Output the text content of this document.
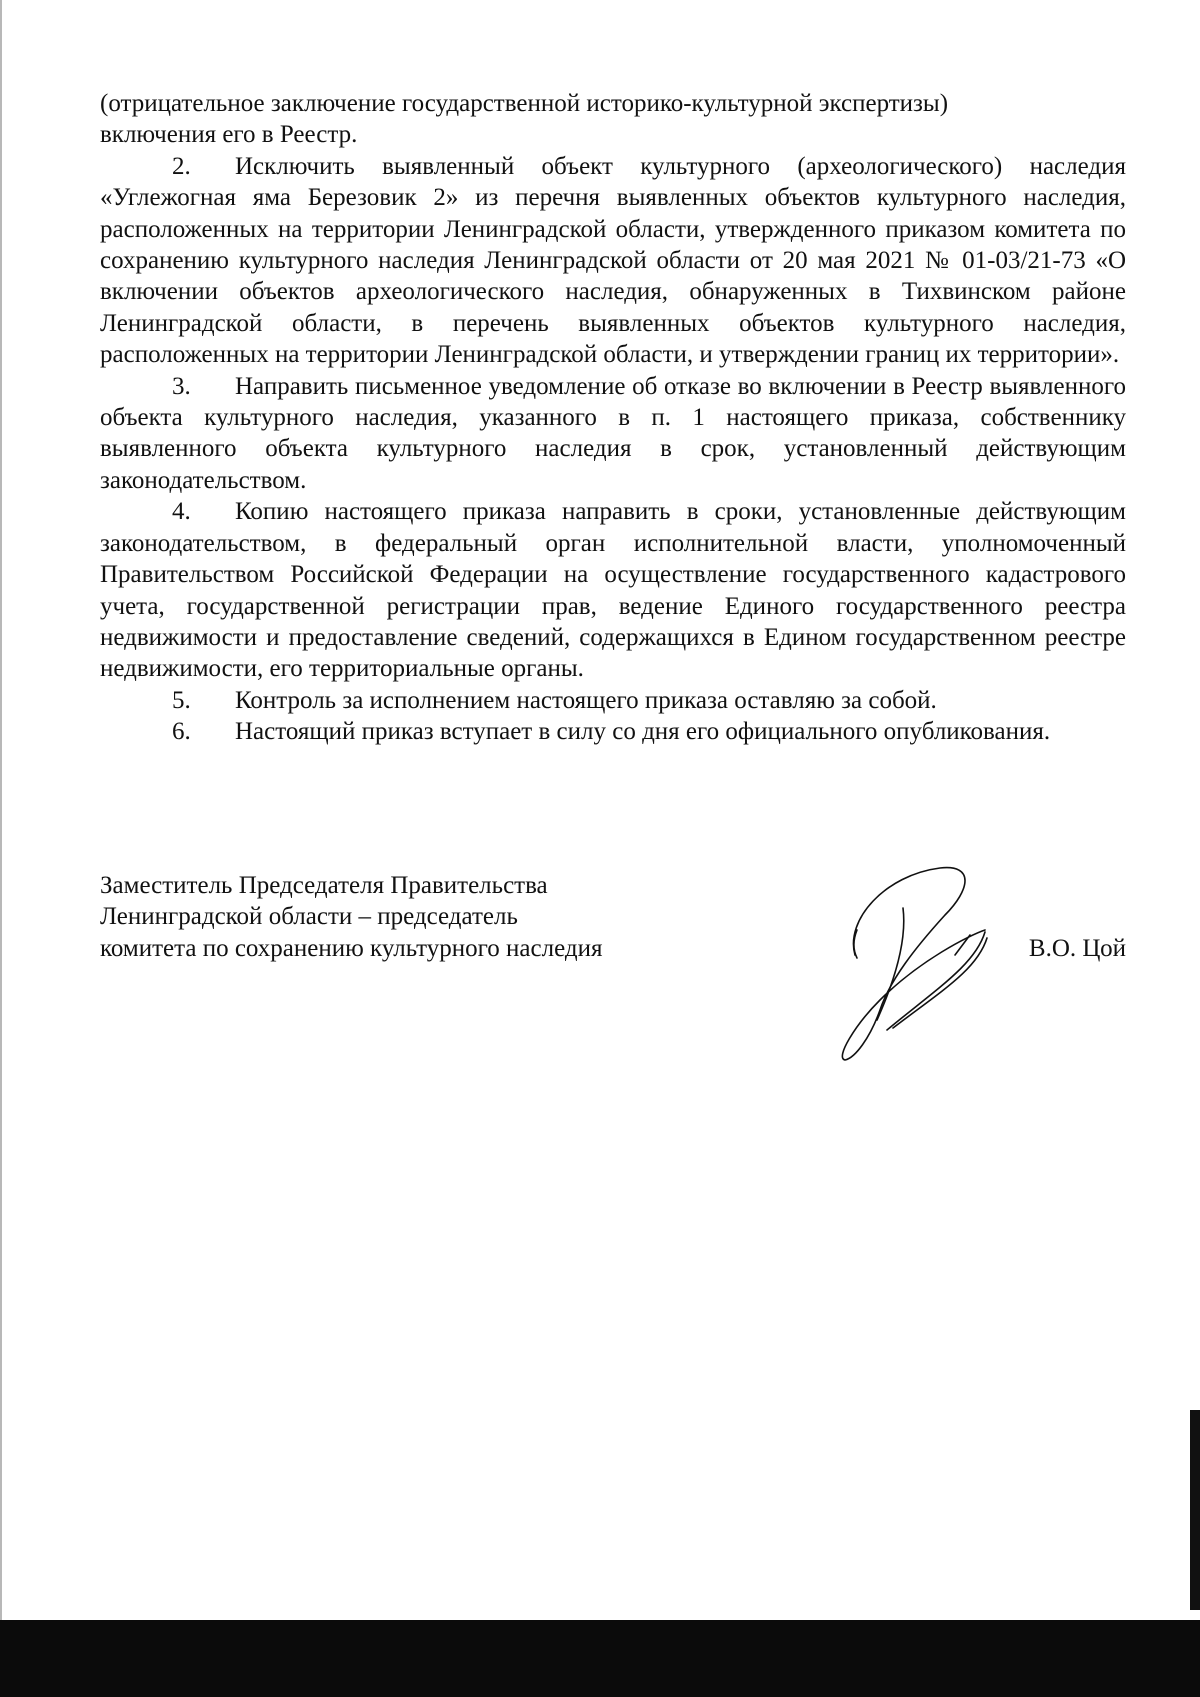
(отрицательное заключение государственной историко-культурной экспертизы)
включения его в Реестр.

2. Исключить выявленный объект культурного (археологического) наследия «Углежогная яма Березовик 2» из перечня выявленных объектов культурного наследия, расположенных на территории Ленинградской области, утвержденного приказом комитета по сохранению культурного наследия Ленинградской области от 20 мая 2021 № 01-03/21-73 «О включении объектов археологического наследия, обнаруженных в Тихвинском районе Ленинградской области, в перечень выявленных объектов культурного наследия, расположенных на территории Ленинградской области, и утверждении границ их территории».

3. Направить письменное уведомление об отказе во включении в Реестр выявленного объекта культурного наследия, указанного в п. 1 настоящего приказа, собственнику выявленного объекта культурного наследия в срок, установленный действующим законодательством.

4. Копию настоящего приказа направить в сроки, установленные действующим законодательством, в федеральный орган исполнительной власти, уполномоченный Правительством Российской Федерации на осуществление государственного кадастрового учета, государственной регистрации прав, ведение Единого государственного реестра недвижимости и предоставление сведений, содержащихся в Едином государственном реестре недвижимости, его территориальные органы.

5. Контроль за исполнением настоящего приказа оставляю за собой.

6. Настоящий приказ вступает в силу со дня его официального опубликования.

Заместитель Председателя Правительства
Ленинградской области – председатель
комитета по сохранению культурного наследия	В.О. Цой
